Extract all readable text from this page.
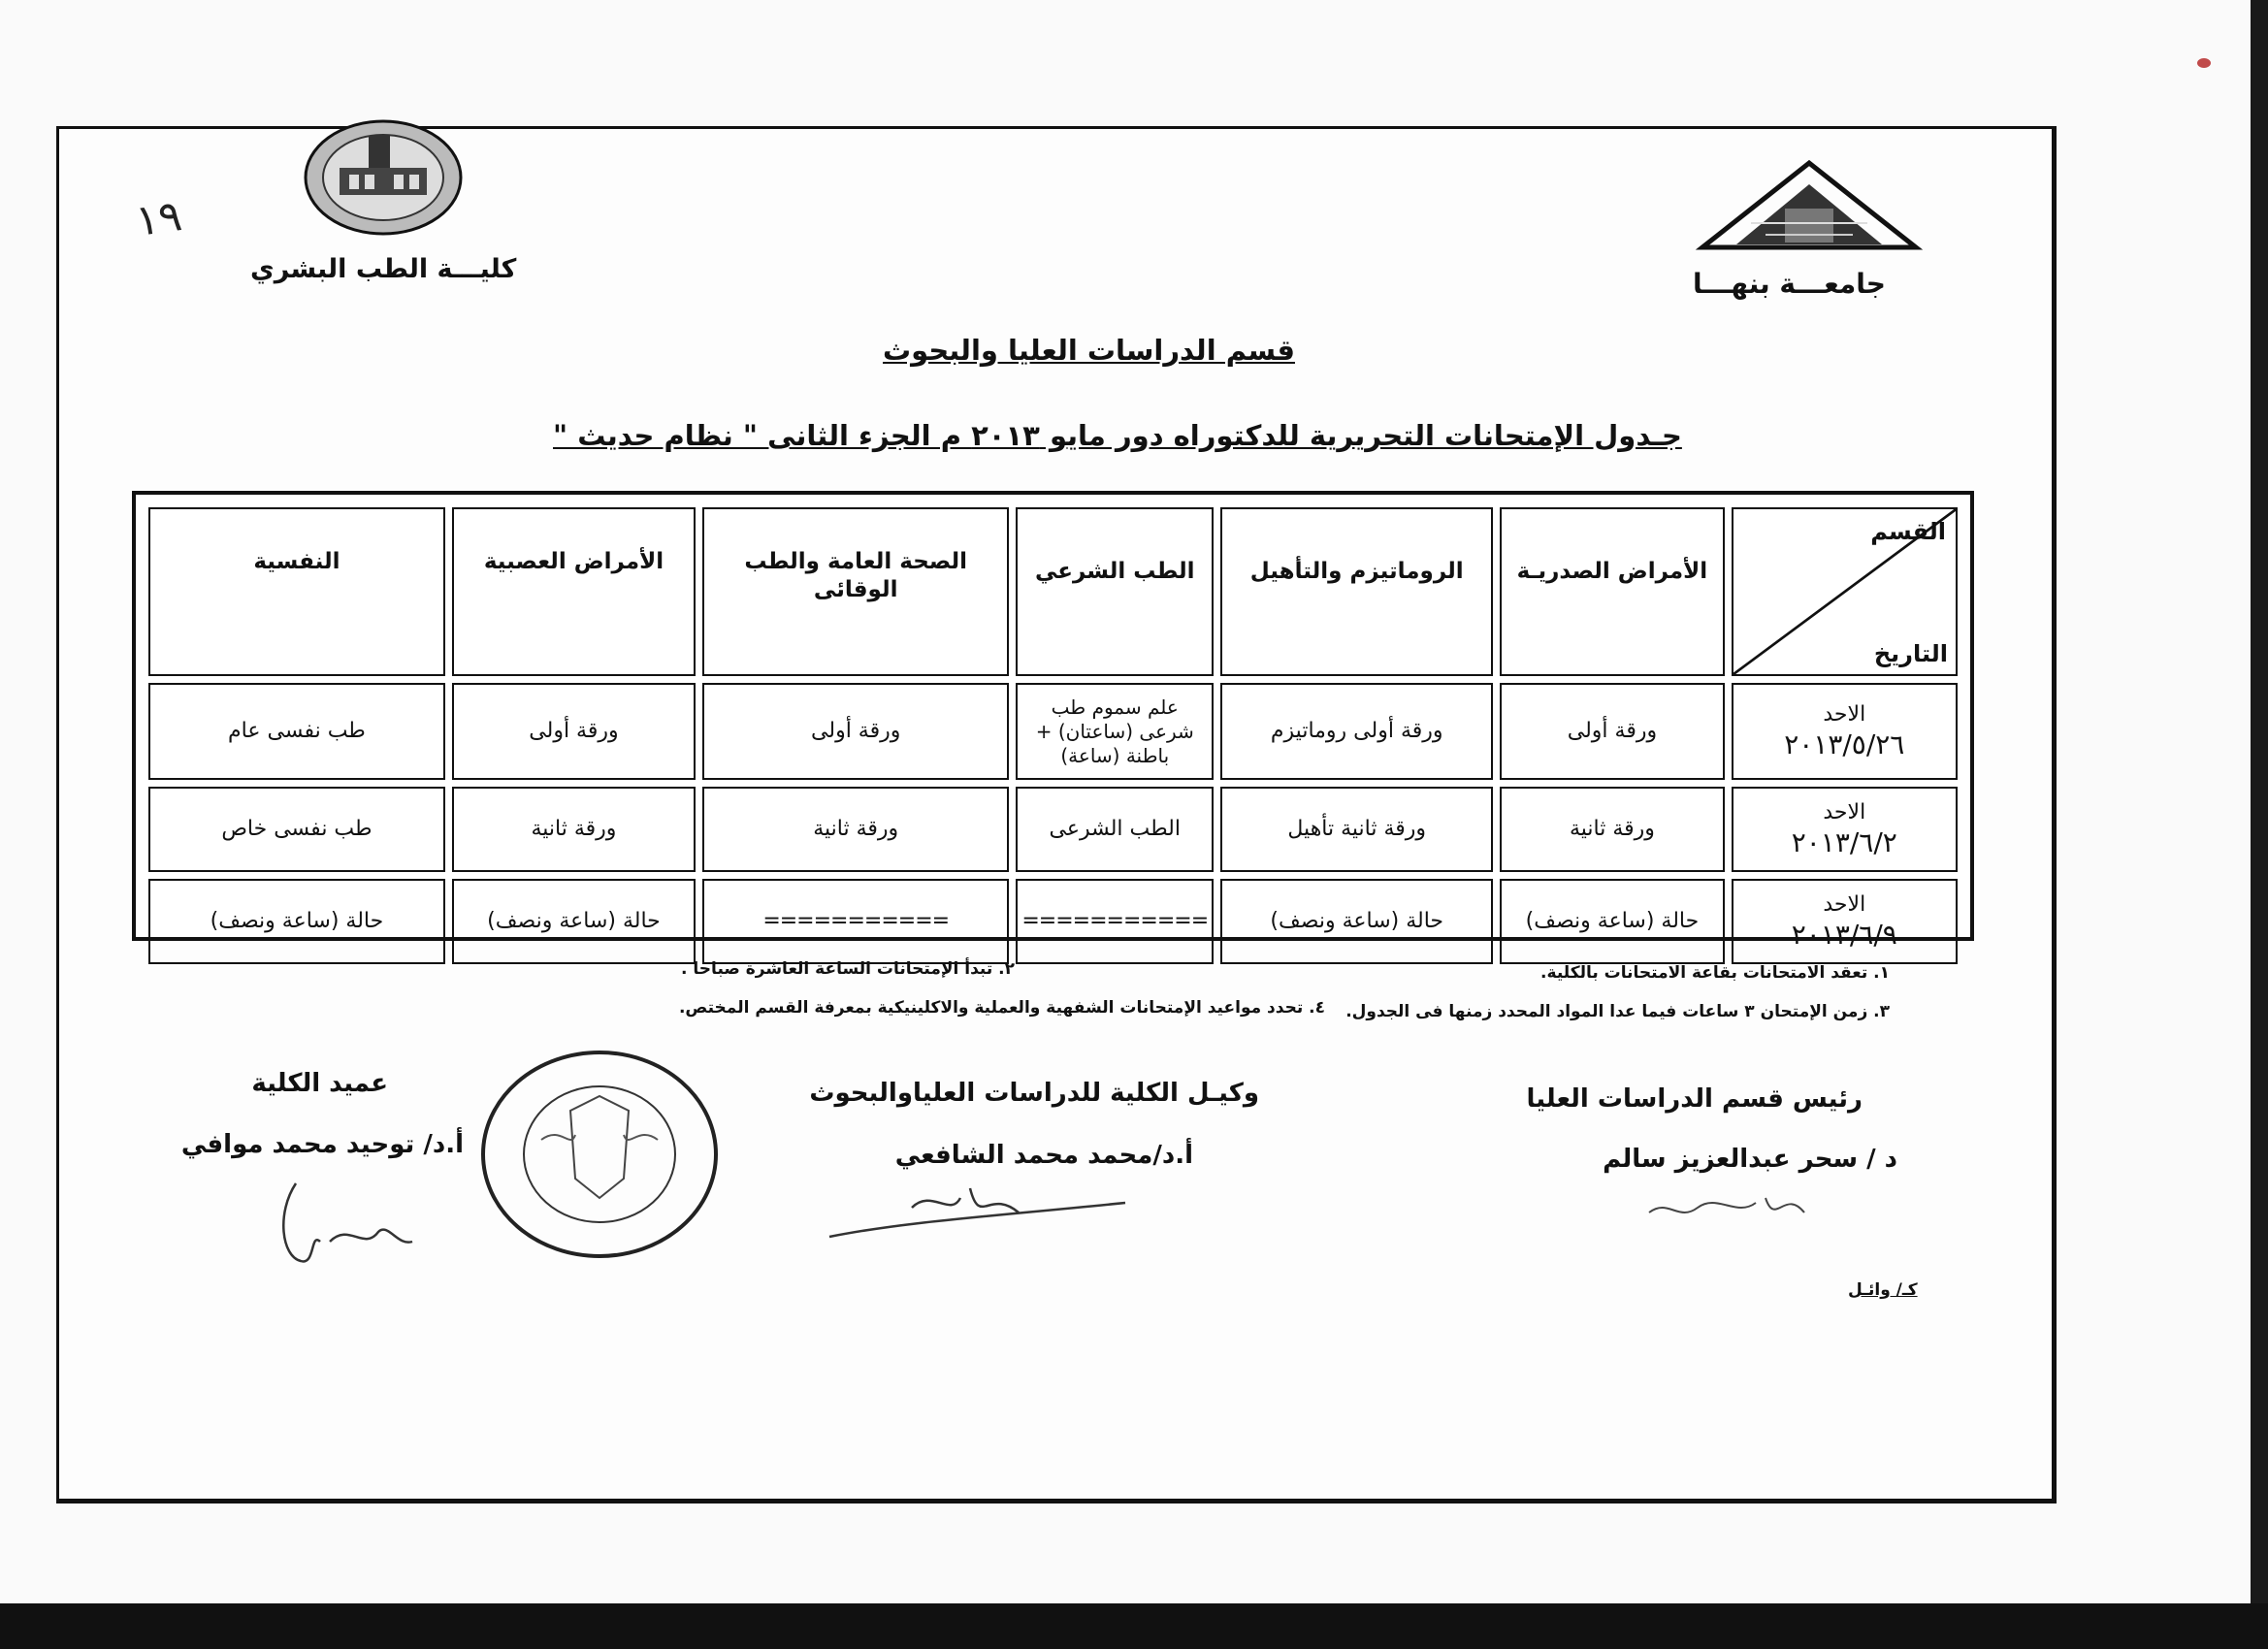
جامعـــة بنهـــا
كليـــة الطب البشري
١٩
قسم الدراسات العليا والبحوث
جـدول الإمتحانات التحريرية للدكتوراه دور مايو ٢٠١٣ م الجزء الثانى " نظام حديث "
القسم
التاريخ	الأمراض الصدريـة	الروماتيزم والتأهيل	الطب الشرعي	الصحة العامة والطب الوقائى	الأمراض العصبية	النفسية

الاحد
٢٠١٣/٥/٢٦	ورقة أولى	ورقة أولى روماتيزم	علم سموم طب شرعى (ساعتان) + باطنة (ساعة)	ورقة أولى	ورقة أولى	طب نفسى عام

الاحد
٢٠١٣/٦/٢	ورقة ثانية	ورقة ثانية تأهيل	الطب الشرعى	ورقة ثانية	ورقة ثانية	طب نفسى خاص

الاحد
٢٠١٣/٦/٩	حالة (ساعة ونصف)	حالة (ساعة ونصف)	===========	===========	حالة (ساعة ونصف)	حالة (ساعة ونصف)
١. تعقد الامتحانات بقاعة الامتحانات بالكلية.
٢. تبدأ الإمتحانات الساعة العاشرة صباحا .
٣. زمن الإمتحان ٣ ساعات فيما عدا المواد المحدد زمنها فى الجدول.
٤. تحدد مواعيد الإمتحانات الشفهية والعملية والاكلينيكية بمعرفة القسم المختص.
رئيس قسم الدراسات العليا
د / سحر عبدالعزيز سالم
وكيـل الكلية للدراسات العلياوالبحوث
أ.د/محمد محمد الشافعي
عميد الكلية
أ.د/ توحيد محمد موافي
كـ/ وائـل
